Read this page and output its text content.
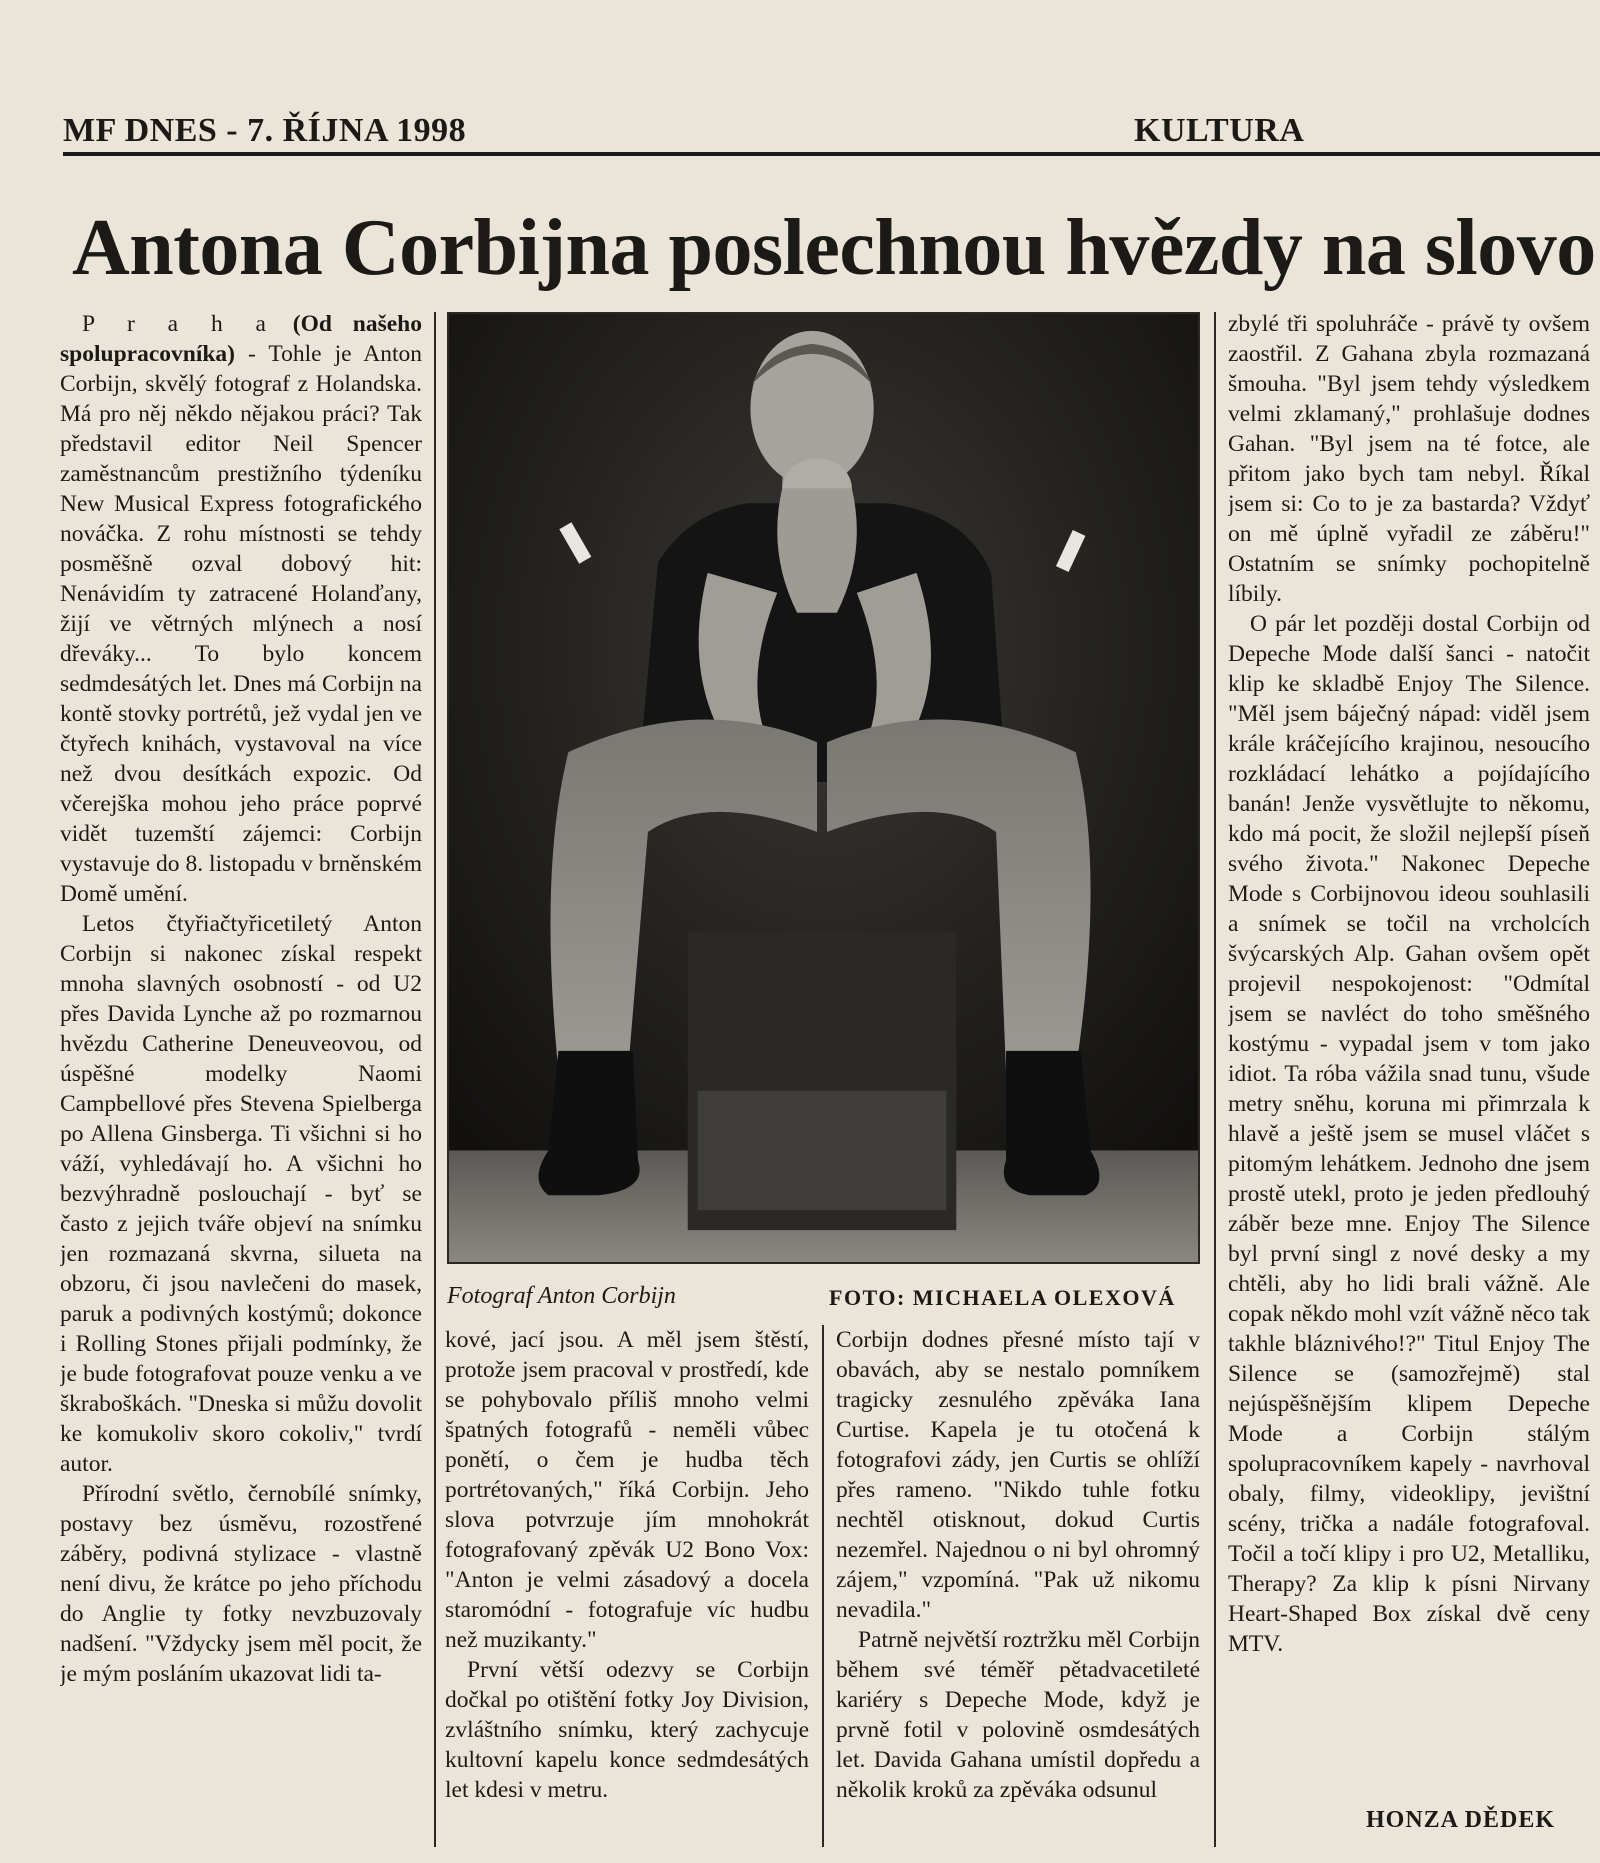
MF DNES - 7. ŘÍJNA 1998	KULTURA
Antona Corbijna poslechnou hvězdy na slovo

P r a h a (Od našeho spolupracovníka) - Tohle je Anton Corbijn, skvělý fotograf z Holandska. Má pro něj někdo nějakou práci? Tak představil editor Neil Spencer zaměstnancům prestižního týdeníku New Musical Express fotografického nováčka. Z rohu místnosti se tehdy posměšně ozval dobový hit: Nenávidím ty zatracené Holanďany, žijí ve větrných mlýnech a nosí dřeváky... To bylo koncem sedmdesátých let. Dnes má Corbijn na kontě stovky portrétů, jež vydal jen ve čtyřech knihách, vystavoval na více než dvou desítkách expozic. Od včerejška mohou jeho práce poprvé vidět tuzemští zájemci: Corbijn vystavuje do 8. listopadu v brněnském Domě umění.

Letos čtyřiačtyřicetiletý Anton Corbijn si nakonec získal respekt mnoha slavných osobností - od U2 přes Davida Lynche až po rozmarnou hvězdu Catherine Deneuveovou, od úspěšné modelky Naomi Campbellové přes Stevena Spielberga po Allena Ginsberga. Ti všichni si ho váží, vyhledávají ho. A všichni ho bezvýhradně poslouchají - byť se často z jejich tváře objeví na snímku jen rozmazaná skvrna, silueta na obzoru, či jsou navlečeni do masek, paruk a podivných kostýmů; dokonce i Rolling Stones přijali podmínky, že je bude fotografovat pouze venku a ve škraboškách. "Dneska si můžu dovolit ke komukoliv skoro cokoliv," tvrdí autor.

Přírodní světlo, černobílé snímky, postavy bez úsměvu, rozostřené záběry, podivná stylizace - vlastně není divu, že krátce po jeho příchodu do Anglie ty fotky nevzbuzovaly nadšení. "Vždycky jsem měl pocit, že je mým posláním ukazovat lidi ta-

Fotograf Anton Corbijn	FOTO: MICHAELA OLEXOVÁ

kové, jací jsou. A měl jsem štěstí, protože jsem pracoval v prostředí, kde se pohybovalo příliš mnoho velmi špatných fotografů - neměli vůbec ponětí, o čem je hudba těch portrétovaných," říká Corbijn. Jeho slova potvrzuje jím mnohokrát fotografovaný zpěvák U2 Bono Vox: "Anton je velmi zásadový a docela staromódní - fotografuje víc hudbu než muzikanty."

První větší odezvy se Corbijn dočkal po otištění fotky Joy Division, zvláštního snímku, který zachycuje kultovní kapelu konce sedmdesátých let kdesi v metru.

Corbijn dodnes přesné místo tají v obavách, aby se nestalo pomníkem tragicky zesnulého zpěváka Iana Curtise. Kapela je tu otočená k fotografovi zády, jen Curtis se ohlíží přes rameno. "Nikdo tuhle fotku nechtěl otisknout, dokud Curtis nezemřel. Najednou o ni byl ohromný zájem," vzpomíná. "Pak už nikomu nevadila."

Patrně největší roztržku měl Corbijn během své téměř pětadvacetileté kariéry s Depeche Mode, když je prvně fotil v polovině osmdesátých let. Davida Gahana umístil dopředu a několik kroků za zpěváka odsunul

zbylé tři spoluhráče - právě ty ovšem zaostřil. Z Gahana zbyla rozmazaná šmouha. "Byl jsem tehdy výsledkem velmi zklamaný," prohlašuje dodnes Gahan. "Byl jsem na té fotce, ale přitom jako bych tam nebyl. Říkal jsem si: Co to je za bastarda? Vždyť on mě úplně vyřadil ze záběru!" Ostatním se snímky pochopitelně líbily.

O pár let později dostal Corbijn od Depeche Mode další šanci - natočit klip ke skladbě Enjoy The Silence. "Měl jsem báječný nápad: viděl jsem krále kráčejícího krajinou, nesoucího rozkládací lehátko a pojídajícího banán! Jenže vysvětlujte to někomu, kdo má pocit, že složil nejlepší píseň svého života." Nakonec Depeche Mode s Corbijnovou ideou souhlasili a snímek se točil na vrcholcích švýcarských Alp. Gahan ovšem opět projevil nespokojenost: "Odmítal jsem se navléct do toho směšného kostýmu - vypadal jsem v tom jako idiot. Ta róba vážila snad tunu, všude metry sněhu, koruna mi přimrzala k hlavě a ještě jsem se musel vláčet s pitomým lehátkem. Jednoho dne jsem prostě utekl, proto je jeden předlouhý záběr beze mne. Enjoy The Silence byl první singl z nové desky a my chtěli, aby ho lidi brali vážně. Ale copak někdo mohl vzít vážně něco tak takhle bláznivého!?" Titul Enjoy The Silence se (samozřejmě) stal nejúspěšnějším klipem Depeche Mode a Corbijn stálým spolupracovníkem kapely - navrhoval obaly, filmy, videoklipy, jevištní scény, trička a nadále fotografoval. Točil a točí klipy i pro U2, Metalliku, Therapy? Za klip k písni Nirvany Heart-Shaped Box získal dvě ceny MTV.

HONZA DĚDEK
